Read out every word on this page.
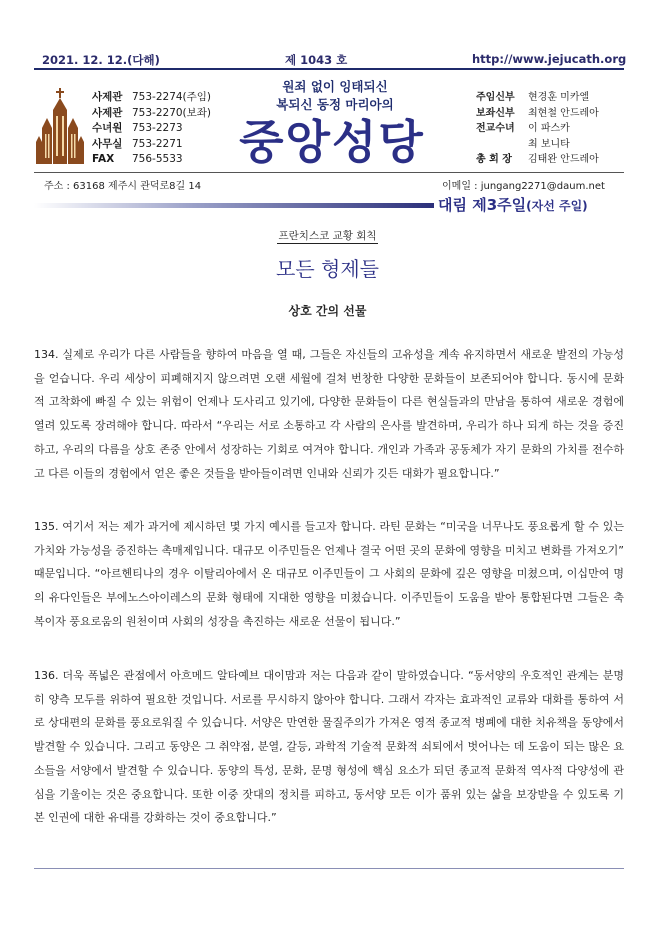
2021. 12. 12.(다해)	제 1043 호	http://www.jejucath.org
사제관 753-2274(주임)
사제관 753-2270(보좌)
수녀원 753-2273
사무실 753-2271
FAX	756-5533
원죄 없이 잉태되신
복되신 동정 마리아의
중앙성당
주임신부	현경훈 미카엘
보좌신부	최현철 안드레아
전교수녀	이 파스카
최 보니타
총 회 장	김태완 안드레아
주소 : 63168 제주시 관덕로8길 14	이메일 : jungang2271@daum.net
대림 제3주일(자선 주일)
프란치스코 교황 회칙
모든 형제들
상호 간의 선물
134. 실제로 우리가 다른 사람들을 향하여 마음을 열 때, 그들은 자신들의 고유성을 계속 유지하면서 새로운 발전의 가능성을 얻습니다. 우리 세상이 피폐해지지 않으려면 오랜 세월에 걸쳐 번창한 다양한 문화들이 보존되어야 합니다. 동시에 문화적 고착화에 빠질 수 있는 위험이 언제나 도사리고 있기에, 다양한 문화들이 다른 현실들과의 만남을 통하여 새로운 경험에 열려 있도록 장려해야 합니다. 따라서 “우리는 서로 소통하고 각 사람의 은사를 발견하며, 우리가 하나 되게 하는 것을 증진하고, 우리의 다름을 상호 존중 안에서 성장하는 기회로 여겨야 합니다. 개인과 가족과 공동체가 자기 문화의 가치를 전수하고 다른 이들의 경험에서 얻은 좋은 것들을 받아들이려면 인내와 신뢰가 깃든 대화가 필요합니다.”
135. 여기서 저는 제가 과거에 제시하던 몇 가지 예시를 들고자 합니다. 라틴 문화는 “미국을 너무나도 풍요롭게 할 수 있는 가치와 가능성을 증진하는 촉매제입니다. 대규모 이주민들은 언제나 결국 어떤 곳의 문화에 영향을 미치고 변화를 가져오기” 때문입니다. “아르헨티나의 경우 이탈리아에서 온 대규모 이주민들이 그 사회의 문화에 깊은 영향을 미쳤으며, 이십만여 명의 유다인들은 부에노스아이레스의 문화 형태에 지대한 영향을 미쳤습니다. 이주민들이 도움을 받아 통합된다면 그들은 축복이자 풍요로움의 원천이며 사회의 성장을 촉진하는 새로운 선물이 됩니다.”
136. 더욱 폭넓은 관점에서 아흐메드 알타예브 대이맘과 저는 다음과 같이 말하였습니다. “동서양의 우호적인 관계는 분명히 양측 모두를 위하여 필요한 것입니다. 서로를 무시하지 않아야 합니다. 그래서 각자는 효과적인 교류와 대화를 통하여 서로 상대편의 문화를 풍요로워질 수 있습니다. 서양은 만연한 물질주의가 가져온 영적 종교적 병폐에 대한 치유책을 동양에서 발견할 수 있습니다. 그리고 동양은 그 취약점, 분열, 갈등, 과학적 기술적 문화적 쇠퇴에서 벗어나는 데 도움이 되는 많은 요소들을 서양에서 발견할 수 있습니다. 동양의 특성, 문화, 문명 형성에 핵심 요소가 되던 종교적 문화적 역사적 다양성에 관심을 기울이는 것은 중요합니다. 또한 이중 잣대의 정치를 피하고, 동서양 모든 이가 품위 있는 삶을 보장받을 수 있도록 기본 인권에 대한 유대를 강화하는 것이 중요합니다.”
